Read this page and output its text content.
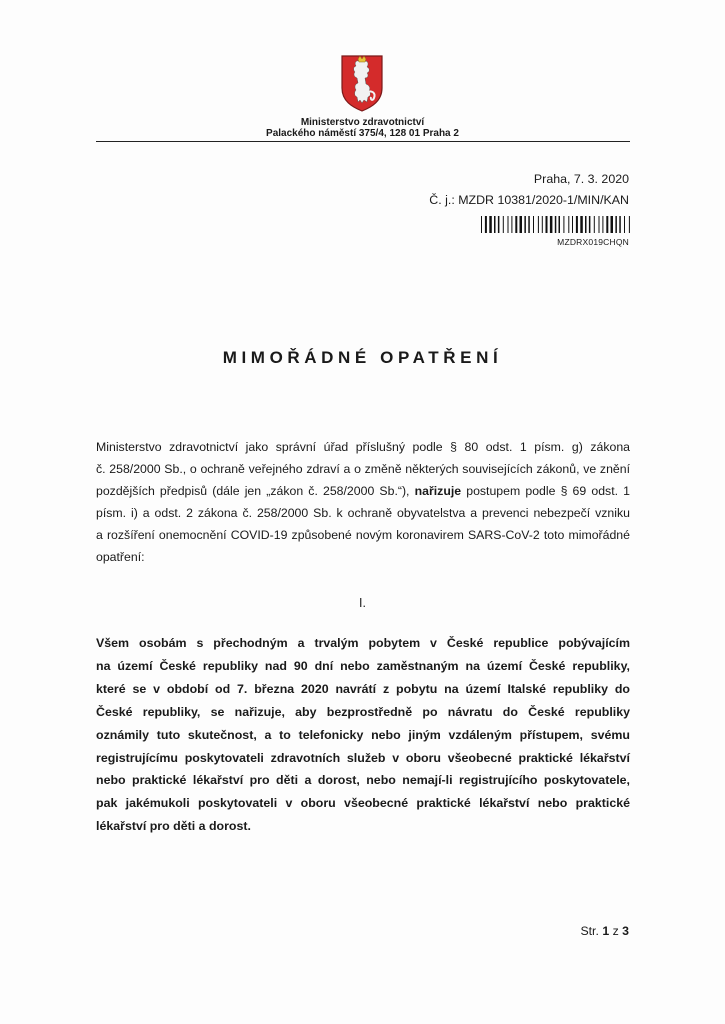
Ministerstvo zdravotnictví
Palackého náměstí 375/4, 128 01 Praha 2
Praha, 7. 3. 2020
Č. j.: MZDR 10381/2020-1/MIN/KAN
MZDRX019CHQN
MIMOŘÁDNÉ OPATŘENÍ
Ministerstvo zdravotnictví jako správní úřad příslušný podle § 80 odst. 1 písm. g) zákona
č. 258/2000 Sb., o ochraně veřejného zdraví a o změně některých souvisejících zákonů, ve znění
pozdějších předpisů (dále jen „zákon č. 258/2000 Sb.“), nařizuje postupem podle § 69 odst. 1
písm. i) a odst. 2 zákona č. 258/2000 Sb. k ochraně obyvatelstva a prevenci nebezpečí vzniku
a rozšíření onemocnění COVID-19 způsobené novým koronavirem SARS-CoV-2 toto mimořádné
opatření:
I.
Všem osobám s přechodným a trvalým pobytem v České republice pobývajícím
na území České republiky nad 90 dní nebo zaměstnaným na území České republiky,
které se v období od 7. března 2020 navrátí z pobytu na území Italské republiky do
České republiky, se nařizuje, aby bezprostředně po návratu do České republiky
oznámily tuto skutečnost, a to telefonicky nebo jiným vzdáleným přístupem, svému
registrujícímu poskytovateli zdravotních služeb v oboru všeobecné praktické lékařství
nebo praktické lékařství pro děti a dorost, nebo nemají-li registrujícího poskytovatele,
pak jakémukoli poskytovateli v oboru všeobecné praktické lékařství nebo praktické
lékařství pro děti a dorost.
Str. 1 z 3
